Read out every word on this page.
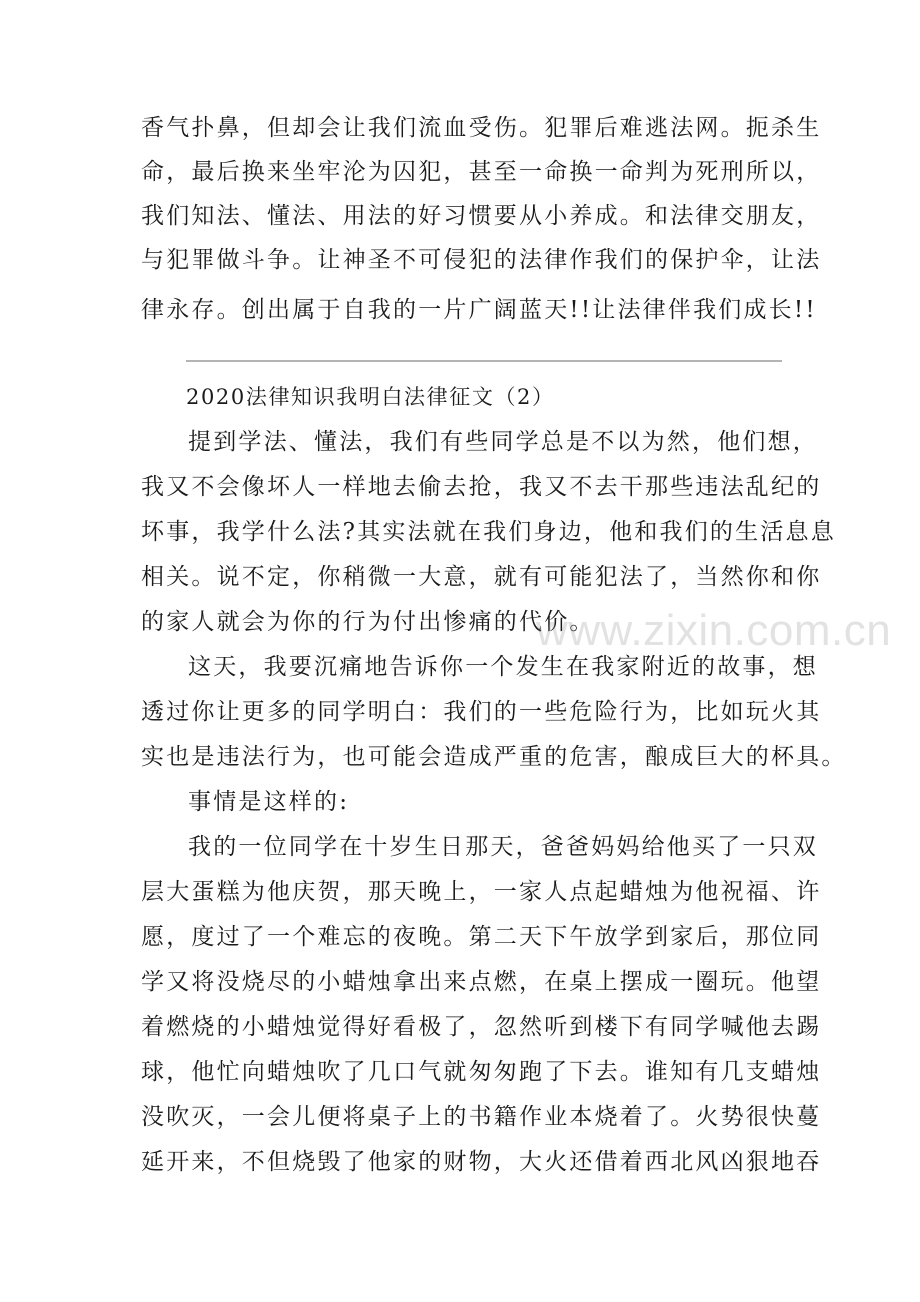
香气扑鼻，但却会让我们流血受伤。犯罪后难逃法网。扼杀生
命，最后换来坐牢沦为囚犯，甚至一命换一命判为死刑所以，
我们知法、懂法、用法的好习惯要从小养成。和法律交朋友，
与犯罪做斗争。让神圣不可侵犯的法律作我们的保护伞，让法
律永存。创出属于自我的一片广阔蓝天!!让法律伴我们成长!!
2020法律知识我明白法律征文（2）
提到学法、懂法，我们有些同学总是不以为然，他们想，
我又不会像坏人一样地去偷去抢，我又不去干那些违法乱纪的
坏事，我学什么法?其实法就在我们身边，他和我们的生活息息
相关。说不定，你稍微一大意，就有可能犯法了，当然你和你
的家人就会为你的行为付出惨痛的代价。
这天，我要沉痛地告诉你一个发生在我家附近的故事，想
透过你让更多的同学明白：我们的一些危险行为，比如玩火其
实也是违法行为，也可能会造成严重的危害，酿成巨大的杯具。
事情是这样的:
我的一位同学在十岁生日那天，爸爸妈妈给他买了一只双
层大蛋糕为他庆贺，那天晚上，一家人点起蜡烛为他祝福、许
愿，度过了一个难忘的夜晚。第二天下午放学到家后，那位同
学又将没烧尽的小蜡烛拿出来点燃，在桌上摆成一圈玩。他望
着燃烧的小蜡烛觉得好看极了，忽然听到楼下有同学喊他去踢
球，他忙向蜡烛吹了几口气就匆匆跑了下去。谁知有几支蜡烛
没吹灭，一会儿便将桌子上的书籍作业本烧着了。火势很快蔓
延开来，不但烧毁了他家的财物，大火还借着西北风凶狠地吞
www.zixin.com.cn
